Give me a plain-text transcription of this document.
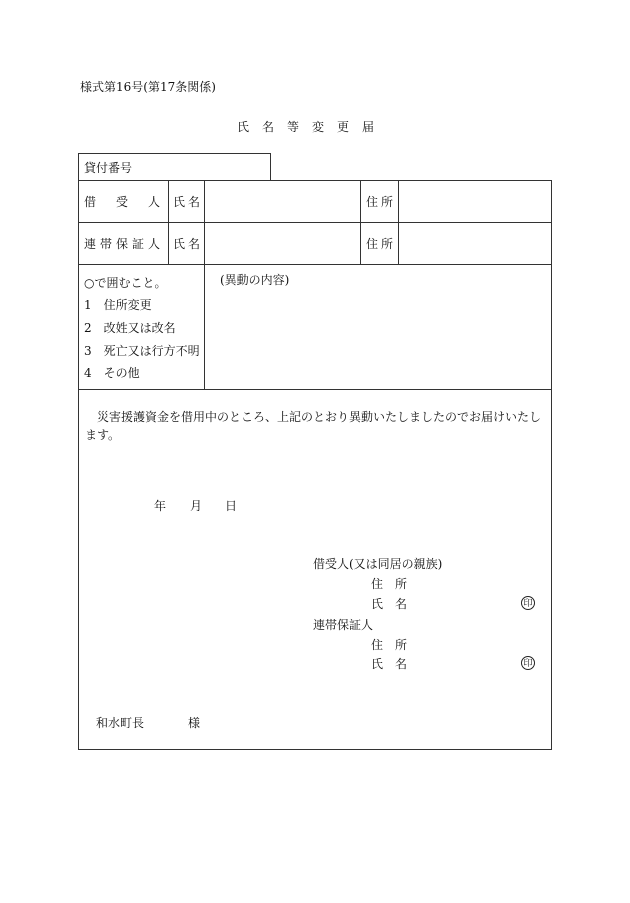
様式第16号(第17条関係)
氏名等変更届
貸付番号
借　受　人 氏名	住所
連帯保証人 氏名	住所
○で囲むこと。
1　住所変更
2　改姓又は改名
3　死亡又は行方不明
4　その他
(異動の内容)
災害援護資金を借用中のところ、上記のとおり異動いたしましたのでお届けいたします。
年 月 日
借受人(又は同居の親族)
住　所
氏　名	印
連帯保証人
住　所
氏　名	印
和水町長	様
